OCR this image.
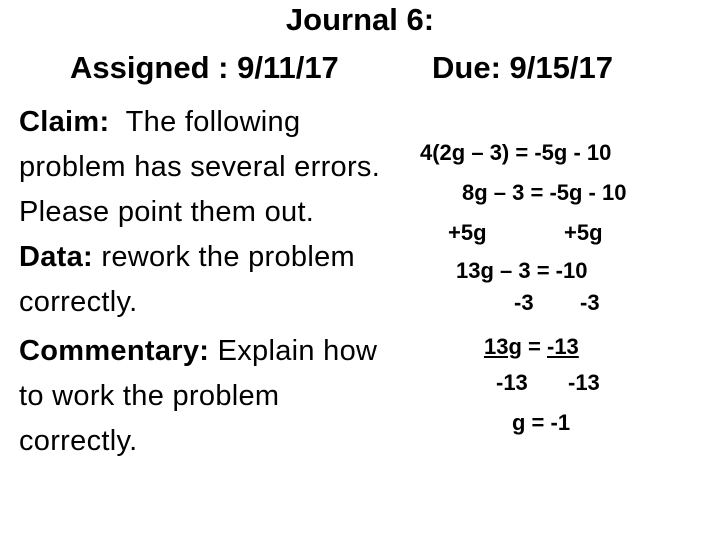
Journal 6:
Assigned : 9/11/17	Due: 9/15/17

Claim: The following

problem has several errors.

Please point them out.

Data: rework the problem

correctly.

Commentary: Explain how

to work the problem

correctly.

4(2g – 3) = -5g - 10
8g – 3 = -5g - 10
+5g	+5g
13g – 3 = -10
-3 -3
13g = -13
-13 -13
g = -1
